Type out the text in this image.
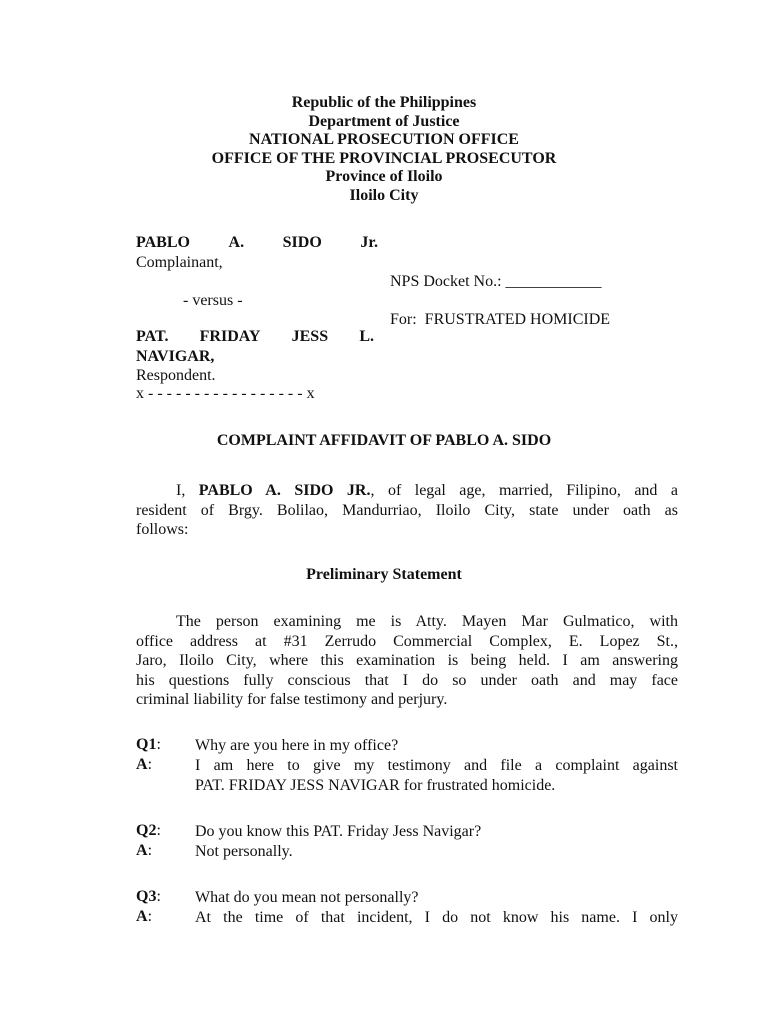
Republic of the Philippines
Department of Justice
NATIONAL PROSECUTION OFFICE
OFFICE OF THE PROVINCIAL PROSECUTOR
Province of Iloilo
Iloilo City
PABLO A. SIDO Jr.
Complainant,
NPS Docket No.: ____________
- versus -
For: FRUSTRATED HOMICIDE
PAT. FRIDAY JESS L.
NAVIGAR,
Respondent.
x - - - - - - - - - - - - - - - - - x
COMPLAINT AFFIDAVIT OF PABLO A. SIDO
I, PABLO A. SIDO JR., of legal age, married, Filipino, and a
resident of Brgy. Bolilao, Mandurriao, Iloilo City, state under oath as
follows:
Preliminary Statement
The person examining me is Atty. Mayen Mar Gulmatico, with
office address at #31 Zerrudo Commercial Complex, E. Lopez St.,
Jaro, Iloilo City, where this examination is being held. I am answering
his questions fully conscious that I do so under oath and may face
criminal liability for false testimony and perjury.
Q1: Why are you here in my office?
A:	I am here to give my testimony and file a complaint against
PAT. FRIDAY JESS NAVIGAR for frustrated homicide.
Q2: Do you know this PAT. Friday Jess Navigar?
A:	Not personally.
Q3: What do you mean not personally?
A:	At the time of that incident, I do not know his name. I only
